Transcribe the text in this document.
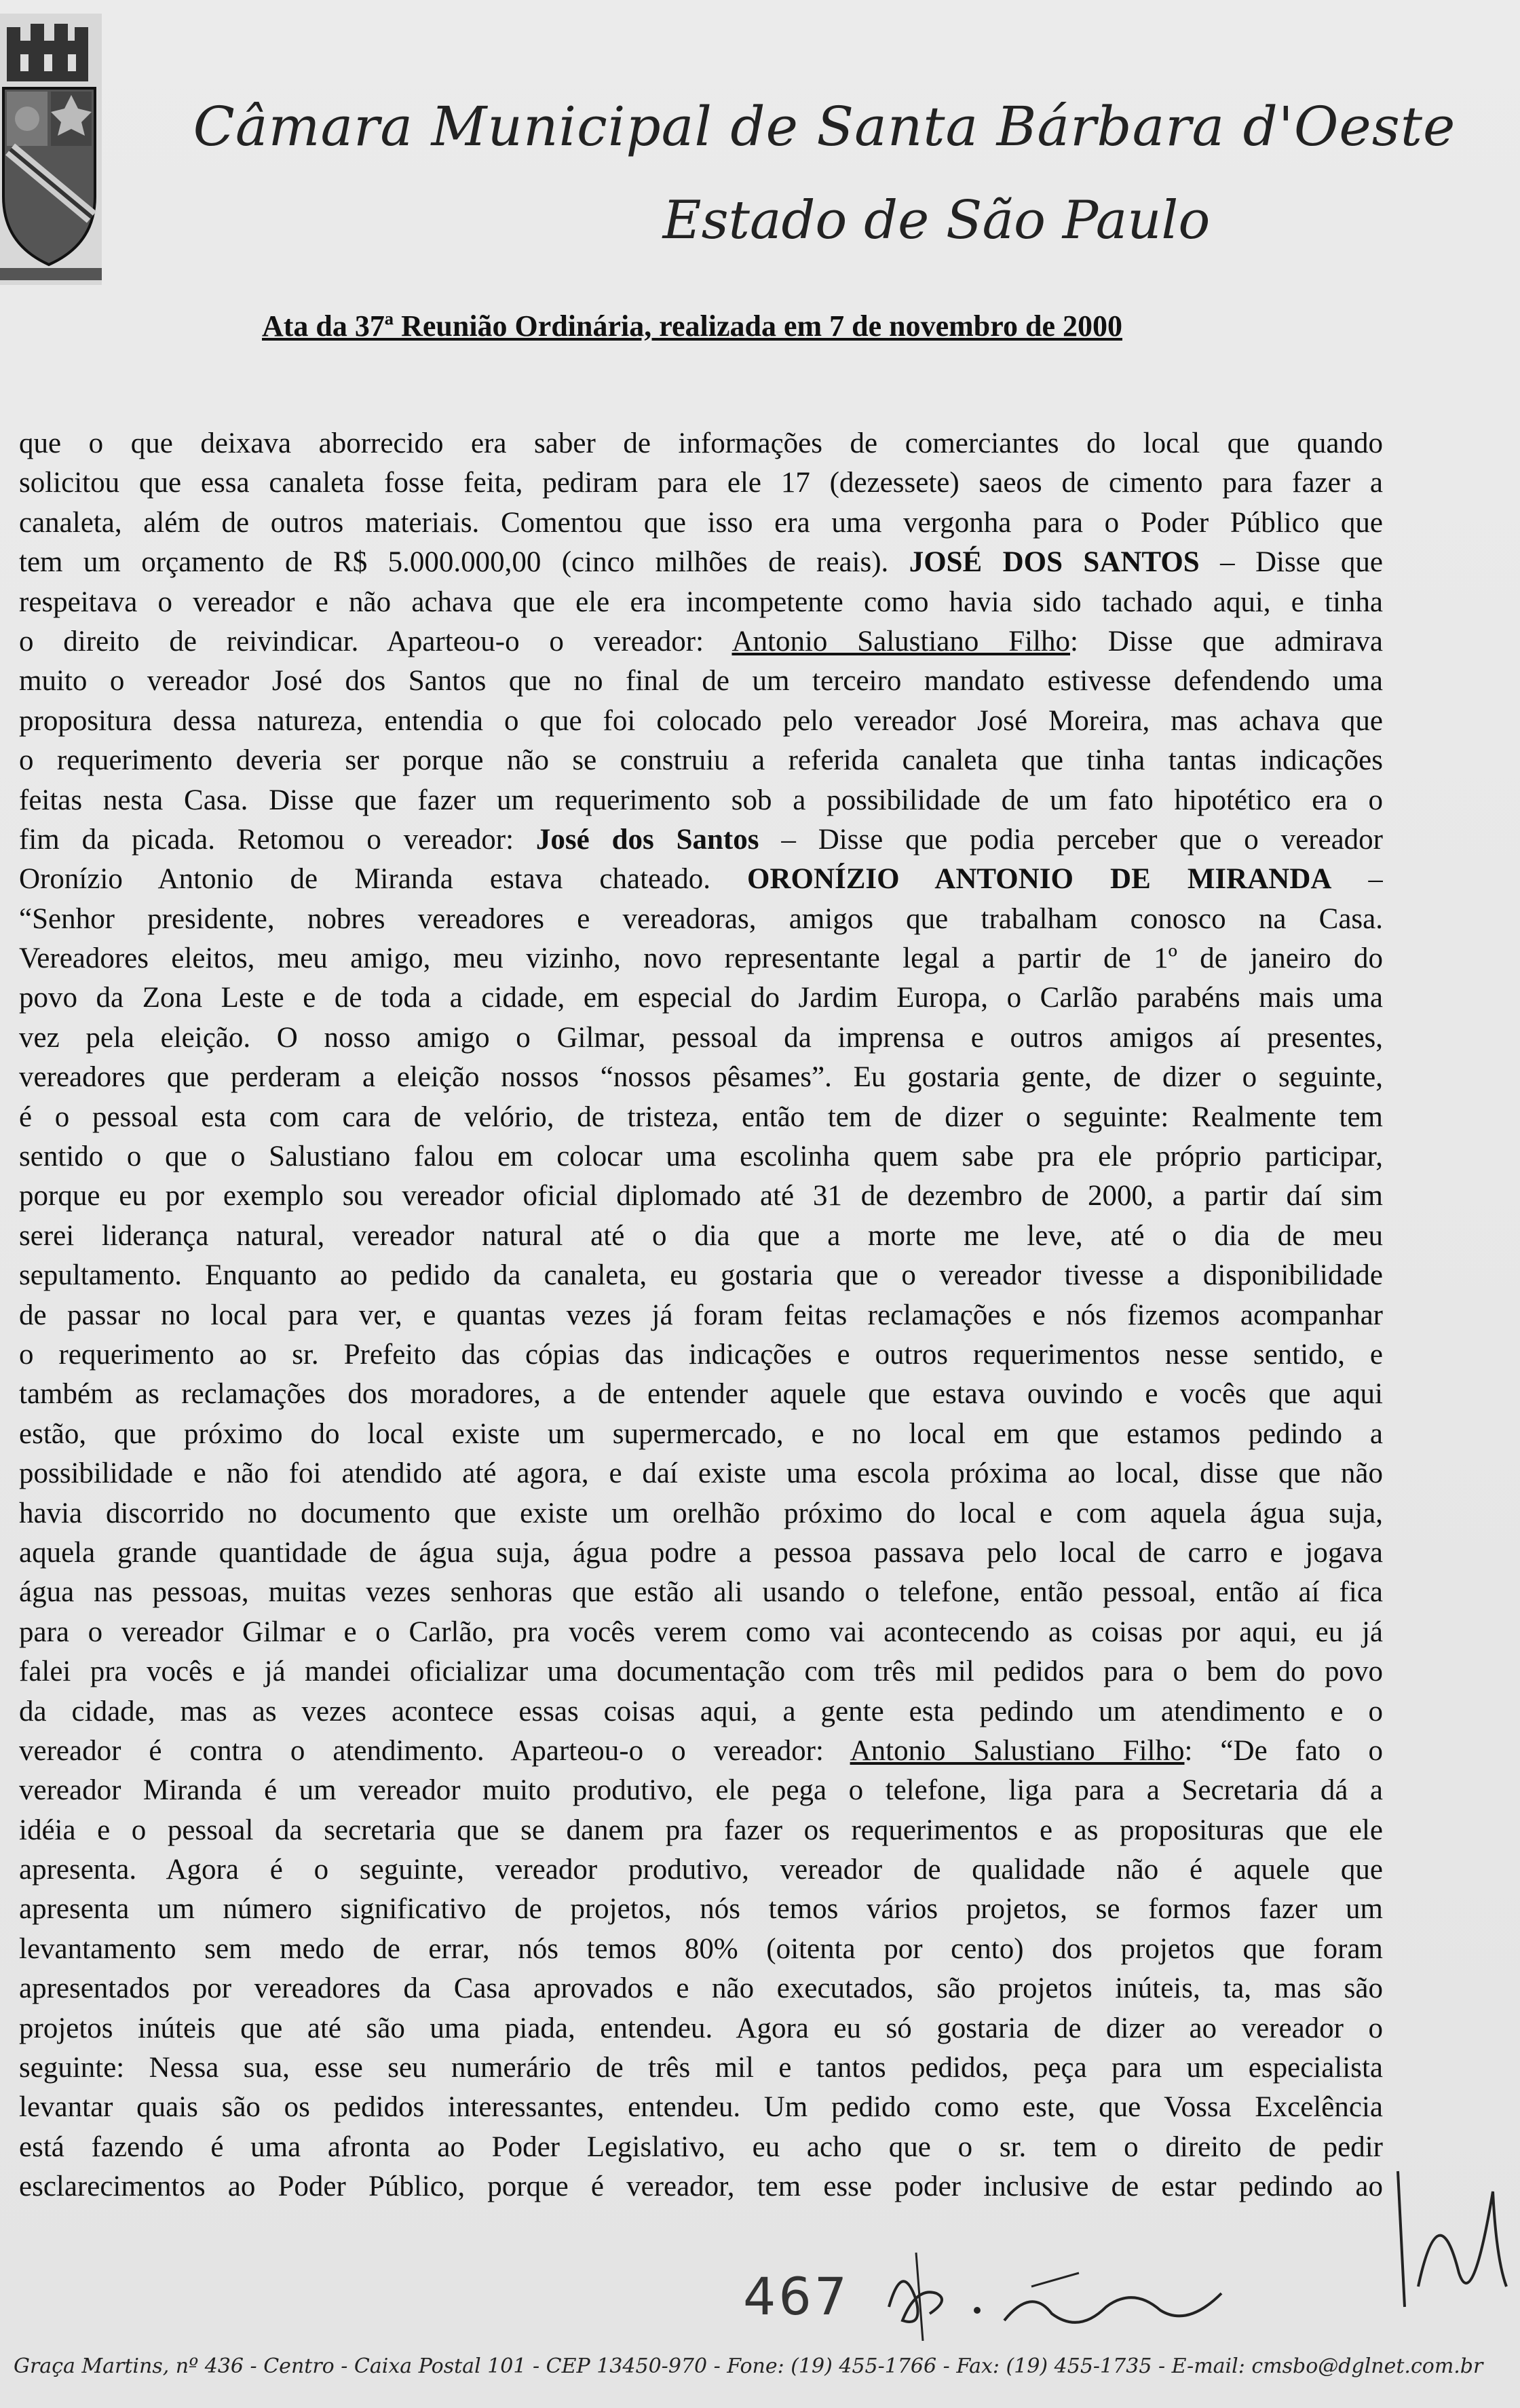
Câmara Municipal de Santa Bárbara d'Oeste
Estado de São Paulo
Ata da 37ª Reunião Ordinária, realizada em 7 de novembro de 2000
que o que deixava aborrecido era saber de informações de comerciantes do local que quando
solicitou que essa canaleta fosse feita, pediram para ele 17 (dezessete) saeos de cimento para fazer a
canaleta, além de outros materiais. Comentou que isso era uma vergonha para o Poder Público que
tem um orçamento de R$ 5.000.000,00 (cinco milhões de reais). JOSÉ DOS SANTOS – Disse que
respeitava o vereador e não achava que ele era incompetente como havia sido tachado aqui, e tinha
o direito de reivindicar. Aparteou-o o vereador: Antonio Salustiano Filho: Disse que admirava
muito o vereador José dos Santos que no final de um terceiro mandato estivesse defendendo uma
propositura dessa natureza, entendia o que foi colocado pelo vereador José Moreira, mas achava que
o requerimento deveria ser porque não se construiu a referida canaleta que tinha tantas indicações
feitas nesta Casa. Disse que fazer um requerimento sob a possibilidade de um fato hipotético era o
fim da picada. Retomou o vereador: José dos Santos – Disse que podia perceber que o vereador
Oronízio Antonio de Miranda estava chateado. ORONÍZIO ANTONIO DE MIRANDA –
“Senhor presidente, nobres vereadores e vereadoras, amigos que trabalham conosco na Casa.
Vereadores eleitos, meu amigo, meu vizinho, novo representante legal a partir de 1º de janeiro do
povo da Zona Leste e de toda a cidade, em especial do Jardim Europa, o Carlão parabéns mais uma
vez pela eleição. O nosso amigo o Gilmar, pessoal da imprensa e outros amigos aí presentes,
vereadores que perderam a eleição nossos “nossos pêsames”. Eu gostaria gente, de dizer o seguinte,
é o pessoal esta com cara de velório, de tristeza, então tem de dizer o seguinte: Realmente tem
sentido o que o Salustiano falou em colocar uma escolinha quem sabe pra ele próprio participar,
porque eu por exemplo sou vereador oficial diplomado até 31 de dezembro de 2000, a partir daí sim
serei liderança natural, vereador natural até o dia que a morte me leve, até o dia de meu
sepultamento. Enquanto ao pedido da canaleta, eu gostaria que o vereador tivesse a disponibilidade
de passar no local para ver, e quantas vezes já foram feitas reclamações e nós fizemos acompanhar
o requerimento ao sr. Prefeito das cópias das indicações e outros requerimentos nesse sentido, e
também as reclamações dos moradores, a de entender aquele que estava ouvindo e vocês que aqui
estão, que próximo do local existe um supermercado, e no local em que estamos pedindo a
possibilidade e não foi atendido até agora, e daí existe uma escola próxima ao local, disse que não
havia discorrido no documento que existe um orelhão próximo do local e com aquela água suja,
aquela grande quantidade de água suja, água podre a pessoa passava pelo local de carro e jogava
água nas pessoas, muitas vezes senhoras que estão ali usando o telefone, então pessoal, então aí fica
para o vereador Gilmar e o Carlão, pra vocês verem como vai acontecendo as coisas por aqui, eu já
falei pra vocês e já mandei oficializar uma documentação com três mil pedidos para o bem do povo
da cidade, mas as vezes acontece essas coisas aqui, a gente esta pedindo um atendimento e o
vereador é contra o atendimento. Aparteou-o o vereador: Antonio Salustiano Filho: “De fato o
vereador Miranda é um vereador muito produtivo, ele pega o telefone, liga para a Secretaria dá a
idéia e o pessoal da secretaria que se danem pra fazer os requerimentos e as proposituras que ele
apresenta. Agora é o seguinte, vereador produtivo, vereador de qualidade não é aquele que
apresenta um número significativo de projetos, nós temos vários projetos, se formos fazer um
levantamento sem medo de errar, nós temos 80% (oitenta por cento) dos projetos que foram
apresentados por vereadores da Casa aprovados e não executados, são projetos inúteis, ta, mas são
projetos inúteis que até são uma piada, entendeu. Agora eu só gostaria de dizer ao vereador o
seguinte: Nessa sua, esse seu numerário de três mil e tantos pedidos, peça para um especialista
levantar quais são os pedidos interessantes, entendeu. Um pedido como este, que Vossa Excelência
está fazendo é uma afronta ao Poder Legislativo, eu acho que o sr. tem o direito de pedir
esclarecimentos ao Poder Público, porque é vereador, tem esse poder inclusive de estar pedindo ao
467
Graça Martins, nº 436 - Centro - Caixa Postal 101 - CEP 13450-970 - Fone: (19) 455-1766 - Fax: (19) 455-1735 - E-mail: cmsbo@dglnet.com.br
